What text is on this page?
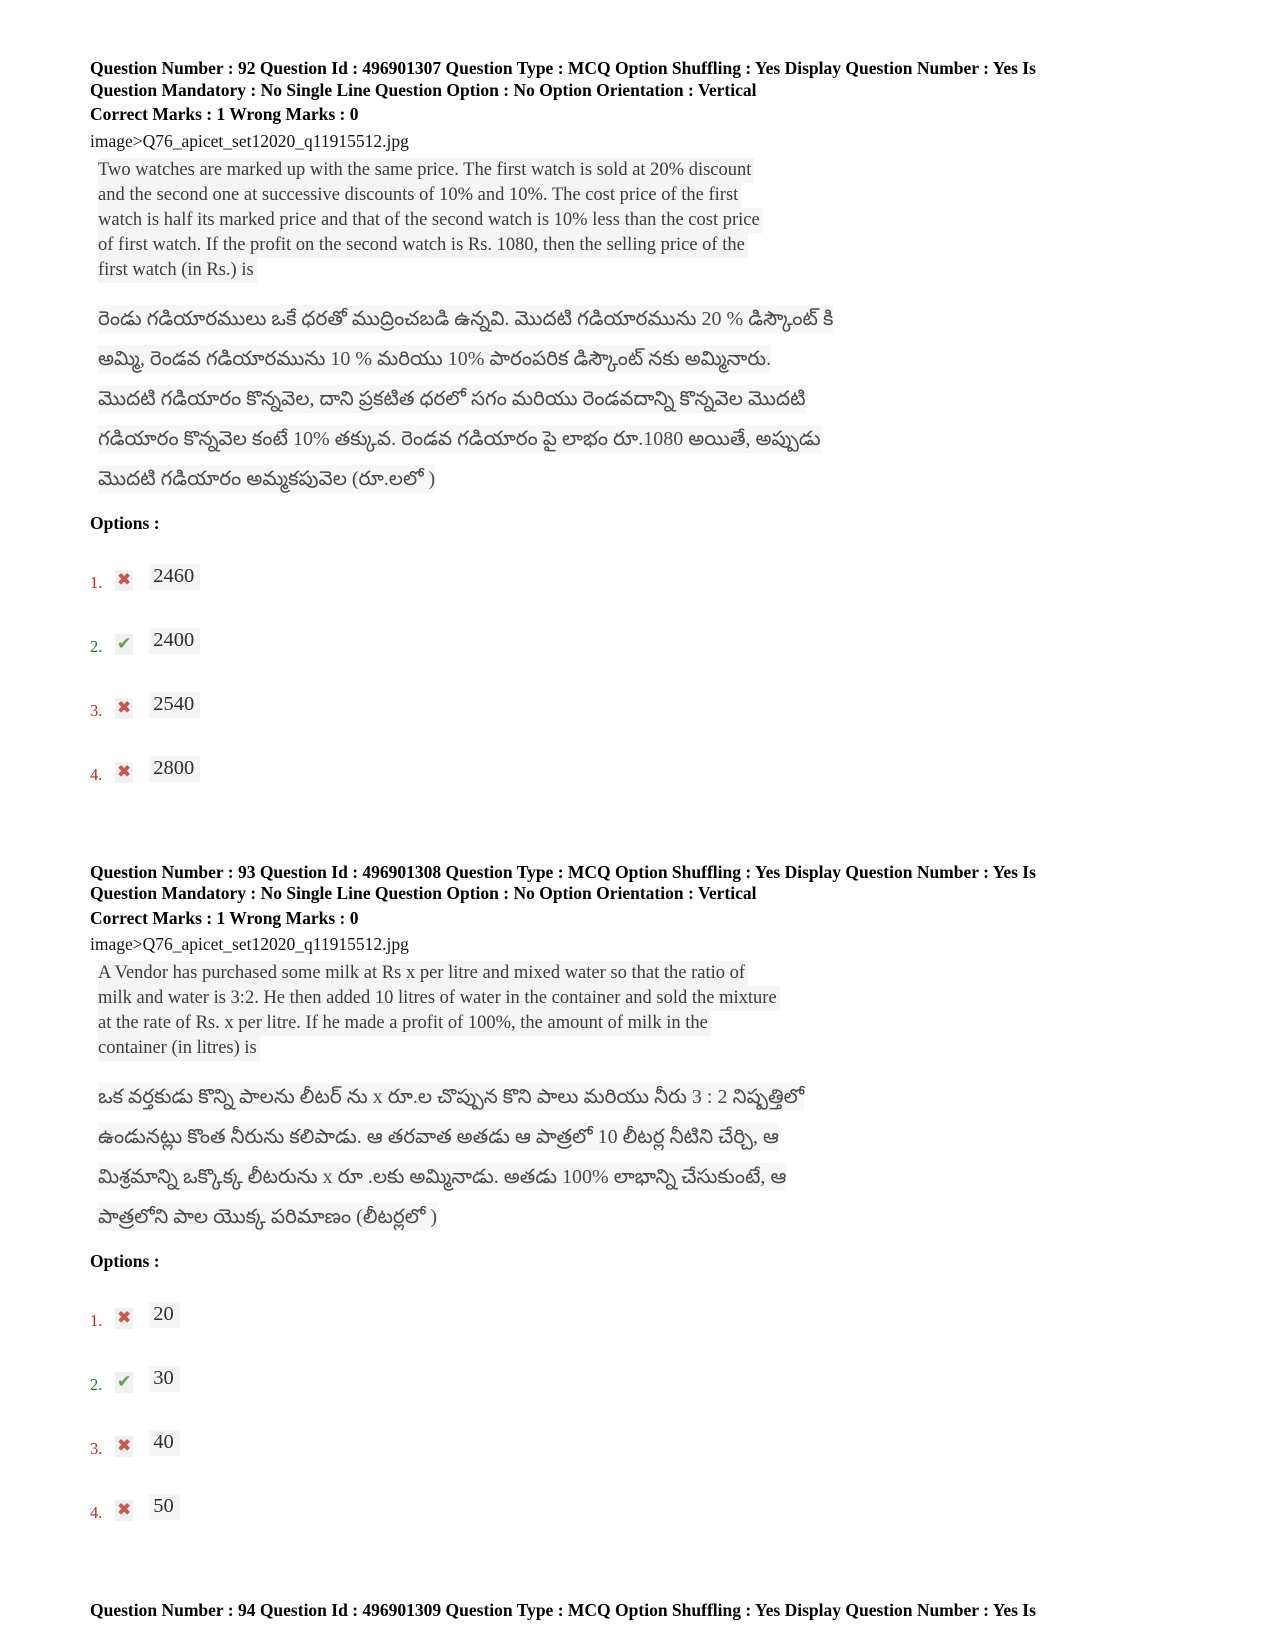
Question Number : 92 Question Id : 496901307 Question Type : MCQ Option Shuffling : Yes Display Question Number : Yes Is
Question Mandatory : No Single Line Question Option : No Option Orientation : Vertical
Correct Marks : 1 Wrong Marks : 0
image>Q76_apicet_set12020_q11915512.jpg
Two watches are marked up with the same price. The first watch is sold at 20% discount
and the second one at successive discounts of 10% and 10%. The cost price of the first
watch is half its marked price and that of the second watch is 10% less than the cost price
of first watch. If the profit on the second watch is Rs. 1080, then the selling price of the
first watch (in Rs.) is
రెండు గడియారములు ఒకే ధరతో ముద్రించబడి ఉన్నవి. మొదటి గడియారమును 20 % డిస్కౌంట్ కి
అమ్మి, రెండవ గడియారమును 10 % మరియు 10% పారంపరిక డిస్కౌంట్ నకు అమ్మినారు.
మొదటి గడియారం కొన్నవెల, దాని ప్రకటిత ధరలో సగం మరియు రెండవదాన్ని కొన్నవెల మొదటి
గడియారం కొన్నవెల కంటే 10% తక్కువ. రెండవ గడియారం పై లాభం రూ.1080 అయితే, అప్పుడు
మొదటి గడియారం అమ్మకపువెల (రూ.లలో )
Options :
1. ✖ 2460
2. ✔ 2400
3. ✖ 2540
4. ✖ 2800
Question Number : 93 Question Id : 496901308 Question Type : MCQ Option Shuffling : Yes Display Question Number : Yes Is
Question Mandatory : No Single Line Question Option : No Option Orientation : Vertical
Correct Marks : 1 Wrong Marks : 0
image>Q76_apicet_set12020_q11915512.jpg
A Vendor has purchased some milk at Rs x per litre and mixed water so that the ratio of
milk and water is 3:2. He then added 10 litres of water in the container and sold the mixture
at the rate of Rs. x per litre. If he made a profit of 100%, the amount of milk in the
container (in litres) is
ఒక వర్తకుడు కొన్ని పాలను లీటర్ ను x రూ.ల చొప్పున కొని పాలు మరియు నీరు 3 : 2 నిష్పత్తిలో
ఉండునట్లు కొంత నీరును కలిపాడు. ఆ తరవాత అతడు ఆ పాత్రలో 10 లీటర్ల నీటిని చేర్చి, ఆ
మిశ్రమాన్ని ఒక్కొక్క లీటరును x రూ .లకు అమ్మినాడు. అతడు 100% లాభాన్ని చేసుకుంటే, ఆ
పాత్రలోని పాల యొక్క పరిమాణం (లీటర్లలో )
Options :
1. ✖ 20
2. ✔ 30
3. ✖ 40
4. ✖ 50
Question Number : 94 Question Id : 496901309 Question Type : MCQ Option Shuffling : Yes Display Question Number : Yes Is
